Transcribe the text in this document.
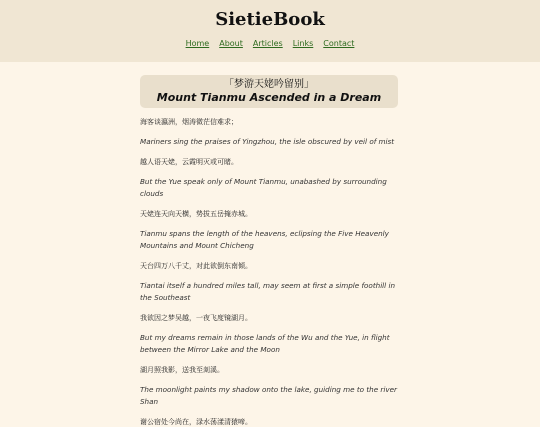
SietieBook
Home About Articles Links Contact
「梦游天姥吟留别」
Mount Tianmu Ascended in a Dream

海客谈瀛洲，烟涛微茫信难求；

Mariners sing the praises of Yingzhou, the isle obscured by veil of mist

越人语天姥，云霞明灭或可睹。

But the Yue speak only of Mount Tianmu, unabashed by surrounding clouds

天姥连天向天横，势拔五岳掩赤城。

Tianmu spans the length of the heavens, eclipsing the Five Heavenly Mountains and Mount Chicheng

天台四万八千丈，对此欲倒东南倾。

Tiantai itself a hundred miles tall, may seem at first a simple foothill in the Southeast

我欲因之梦吴越，一夜飞度镜湖月。

But my dreams remain in those lands of the Wu and the Yue, in flight between the Mirror Lake and the Moon

湖月照我影，送我至剡溪。

The moonlight paints my shadow onto the lake, guiding me to the river Shan

谢公宿处今尚在，渌水荡漾清猿啼。
